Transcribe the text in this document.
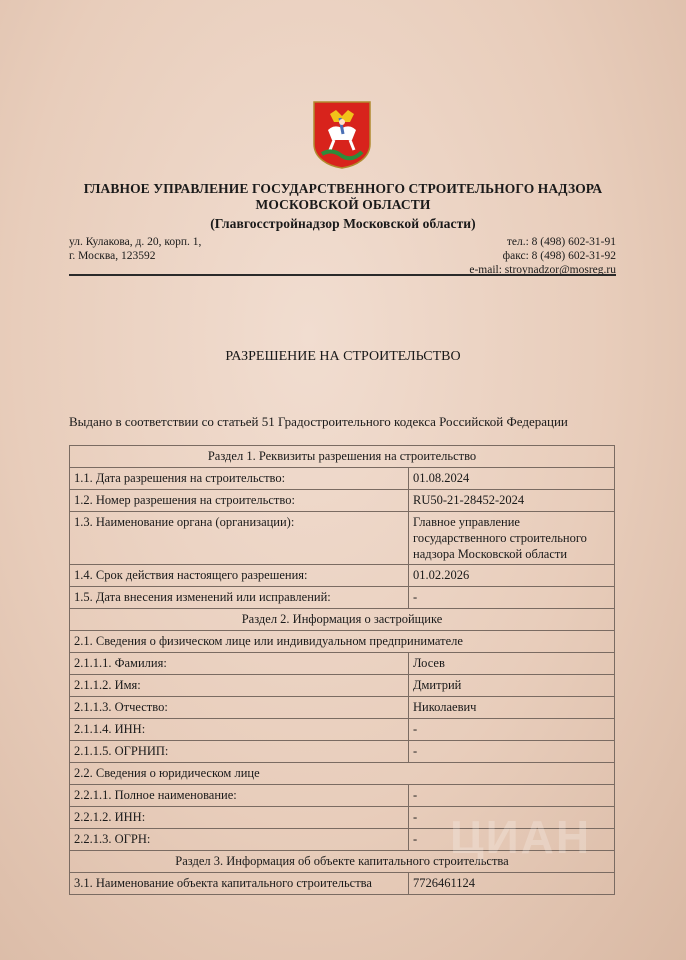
ГЛАВНОЕ УПРАВЛЕНИЕ ГОСУДАРСТВЕННОГО СТРОИТЕЛЬНОГО НАДЗОРА
МОСКОВСКОЙ ОБЛАСТИ
(Главгосстройнадзор Московской области)
ул. Кулакова, д. 20, корп. 1,
г. Москва, 123592
тел.: 8 (498) 602-31-91
факс: 8 (498) 602-31-92
e-mail: stroynadzor@mosreg.ru
РАЗРЕШЕНИЕ НА СТРОИТЕЛЬСТВО
Выдано в соответствии со статьей 51 Градостроительного кодекса Российской Федерации
Раздел 1. Реквизиты разрешения на строительство	
1.1. Дата разрешения на строительство:	01.08.2024
1.2. Номер разрешения на строительство:	RU50-21-28452-2024
1.3. Наименование органа (организации):	Главное управление государственного строительного надзора Московской области
1.4. Срок действия настоящего разрешения:	01.02.2026
1.5. Дата внесения изменений или исправлений:	-
Раздел 2. Информация о застройщике	
2.1. Сведения о физическом лице или индивидуальном предпринимателе	
2.1.1.1. Фамилия:	Лосев
2.1.1.2. Имя:	Дмитрий
2.1.1.3. Отчество:	Николаевич
2.1.1.4. ИНН:	-
2.1.1.5. ОГРНИП:	-
2.2. Сведения о юридическом лице	
2.2.1.1. Полное наименование:	-
2.2.1.2. ИНН:	-
2.2.1.3. ОГРН:	-
Раздел 3. Информация об объекте капитального строительства	
3.1. Наименование объекта капитального строительства	7726461124
ЦИАН
